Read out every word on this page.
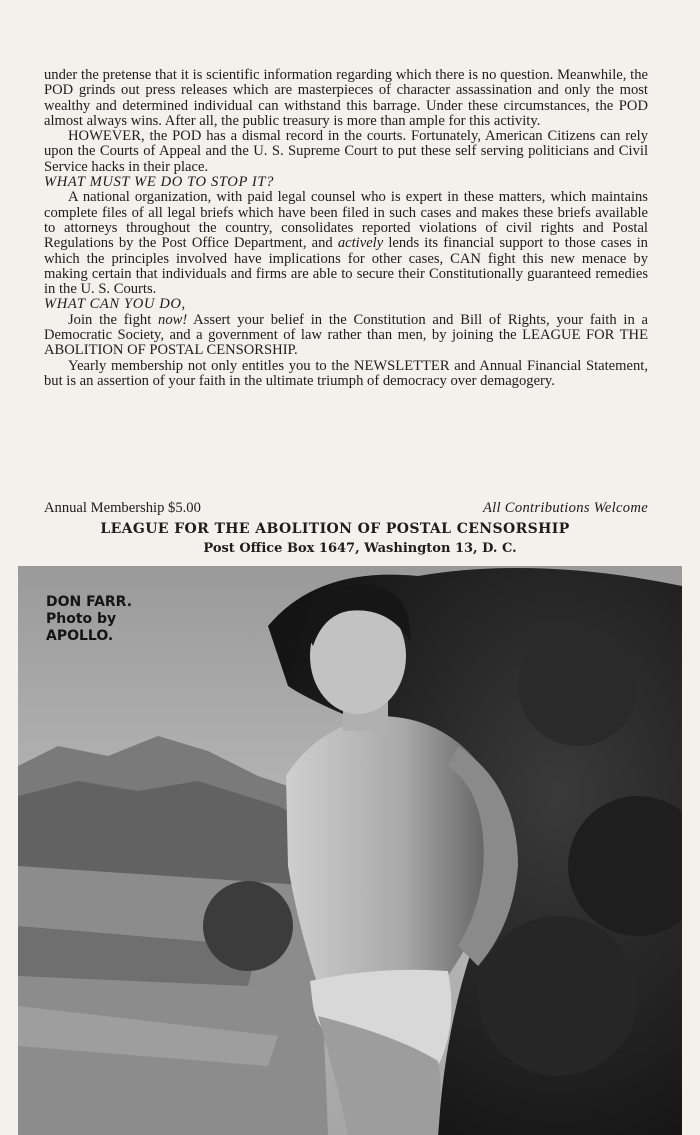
under the pretense that it is scientific information regarding which there is no question. Meanwhile, the POD grinds out press releases which are masterpieces of character assassination and only the most wealthy and determined individual can withstand this barrage. Under these circumstances, the POD almost always wins. After all, the public treasury is more than ample for this activity.

HOWEVER, the POD has a dismal record in the courts. Fortunately, American Citizens can rely upon the Courts of Appeal and the U. S. Supreme Court to put these self serving politicians and Civil Service hacks in their place.

WHAT MUST WE DO TO STOP IT?

A national organization, with paid legal counsel who is expert in these matters, which maintains complete files of all legal briefs which have been filed in such cases and makes these briefs available to attorneys throughout the country, consolidates reported violations of civil rights and Postal Regulations by the Post Office Department, and actively lends its financial support to those cases in which the principles involved have implications for other cases, CAN fight this new menace by making certain that individuals and firms are able to secure their Constitutionally guaranteed remedies in the U. S. Courts.

WHAT CAN YOU DO,

Join the fight now! Assert your belief in the Constitution and Bill of Rights, your faith in a Democratic Society, and a government of law rather than men, by joining the LEAGUE FOR THE ABOLITION OF POSTAL CENSORSHIP.

Yearly membership not only entitles you to the NEWSLETTER and Annual Financial Statement, but is an assertion of your faith in the ultimate triumph of democracy over demagogery.

Annual Membership $5.00	All Contributions Welcome
LEAGUE FOR THE ABOLITION OF POSTAL CENSORSHIP
Post Office Box 1647, Washington 13, D. C.
DON FARR.
Photo by
APOLLO.
